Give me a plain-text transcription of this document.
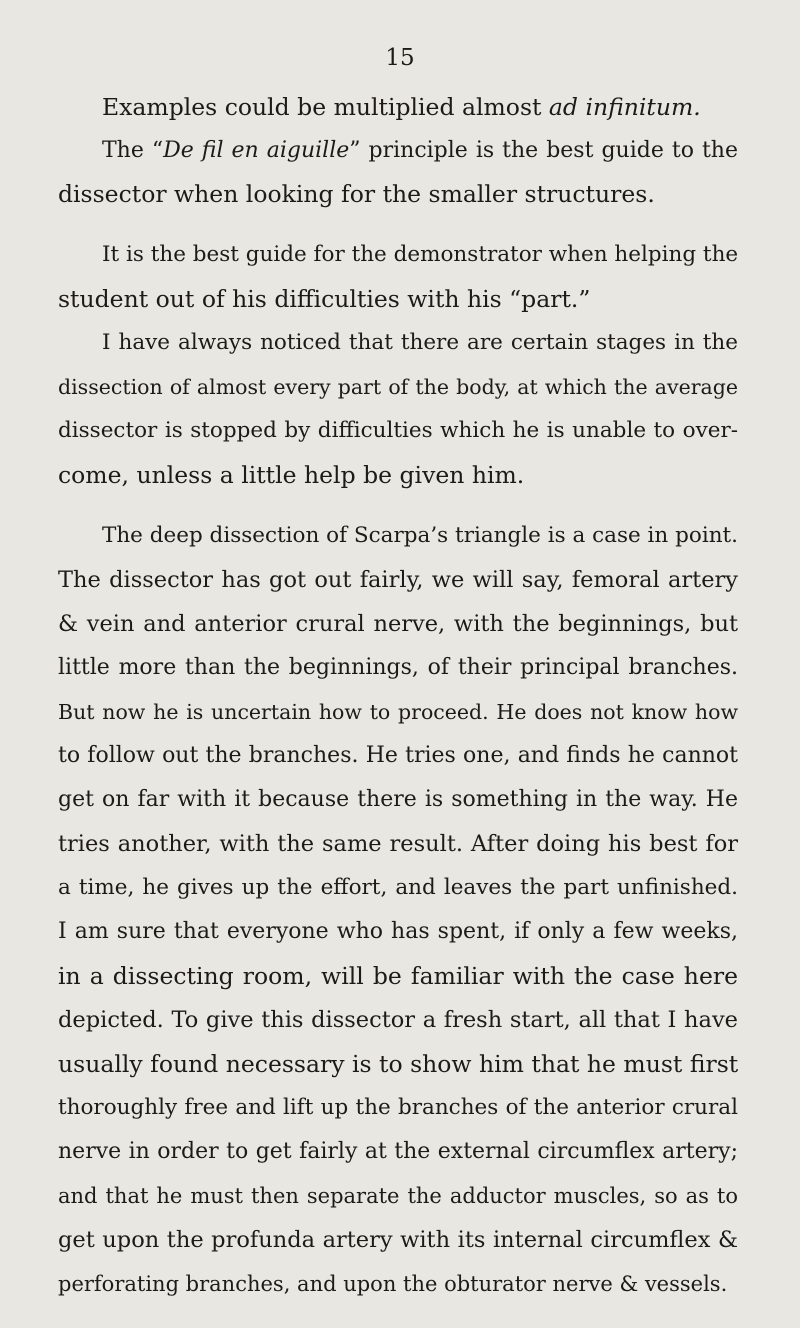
15
Examples could be multiplied almost ad infinitum.
The “De fil en aiguille” principle is the best guide to the
dissector when looking for the smaller structures.
It is the best guide for the demonstrator when helping the
student out of his difficulties with his “part.”
I have always noticed that there are certain stages in the
dissection of almost every part of the body, at which the average
dissector is stopped by difficulties which he is unable to over-
come, unless a little help be given him.
The deep dissection of Scarpa’s triangle is a case in point.
The dissector has got out fairly, we will say, femoral artery
& vein and anterior crural nerve, with the beginnings, but
little more than the beginnings, of their principal branches.
But now he is uncertain how to proceed. He does not know how
to follow out the branches. He tries one, and finds he cannot
get on far with it because there is something in the way. He
tries another, with the same result. After doing his best for
a time, he gives up the effort, and leaves the part unfinished.
I am sure that everyone who has spent, if only a few weeks,
in a dissecting room, will be familiar with the case here
depicted. To give this dissector a fresh start, all that I have
usually found necessary is to show him that he must first
thoroughly free and lift up the branches of the anterior crural
nerve in order to get fairly at the external circumflex artery;
and that he must then separate the adductor muscles, so as to
get upon the profunda artery with its internal circumflex &
perforating branches, and upon the obturator nerve & vessels.
